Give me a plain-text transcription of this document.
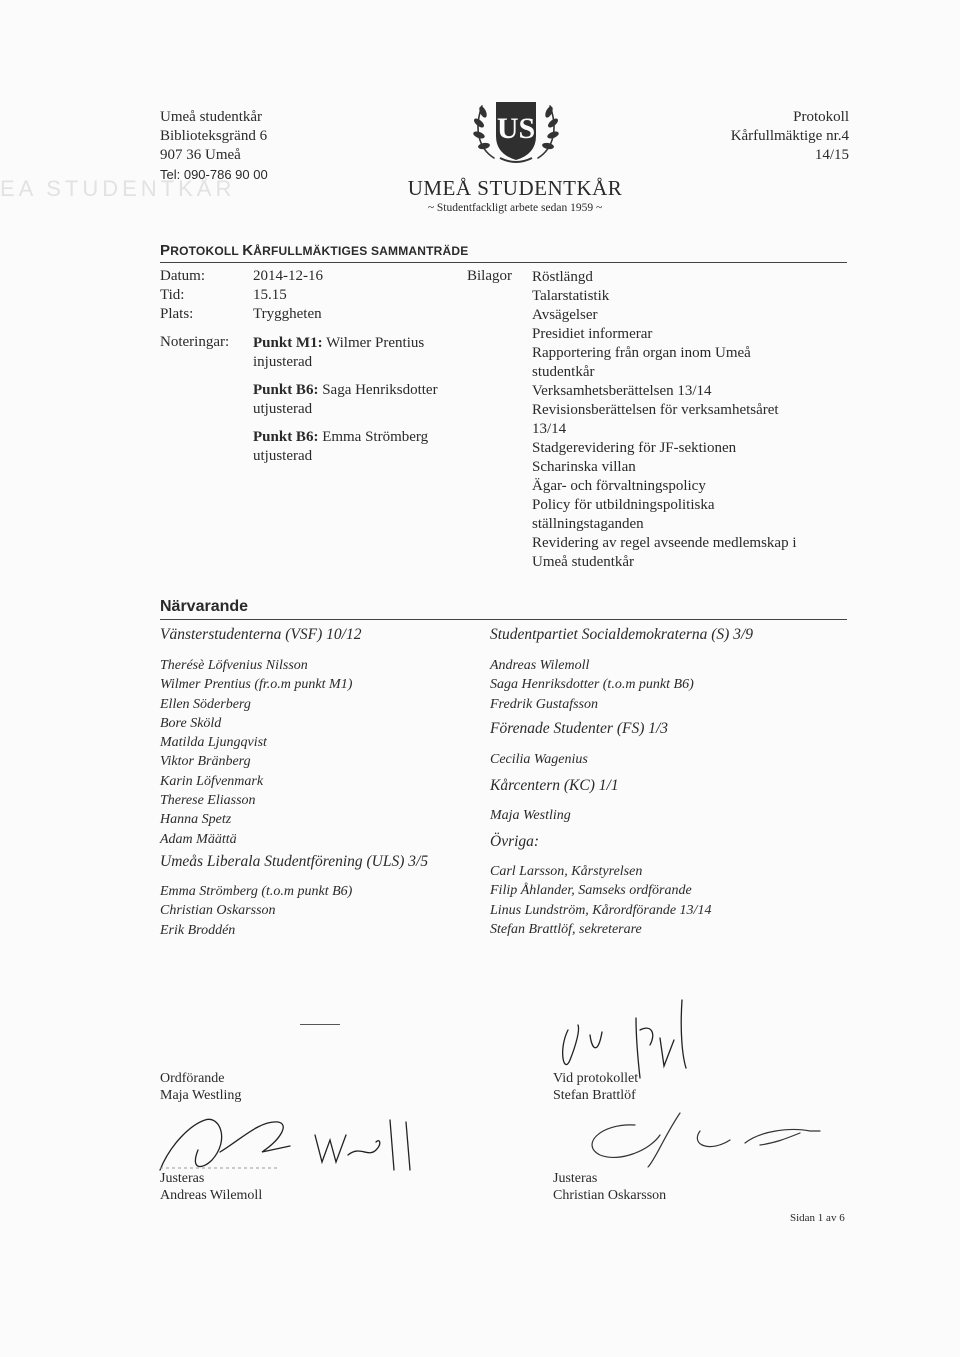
EA STUDENTKÅR
Umeå studentkår
Biblioteksgränd 6
907 36 Umeå
Tel: 090-786 90 00
US
UMEÅ STUDENTKÅR
~ Studentfackligt arbete sedan 1959 ~
Protokoll
Kårfullmäktige nr.4
14/15
PROTOKOLL KÅRFULLMÄKTIGES SAMMANTRÄDE
Datum:	2014-12-16
Tid:	15.15
Plats:	Tryggheten
Noteringar: Punkt M1: Wilmer Prentius
injusterad
Punkt B6: Saga Henriksdotter
utjusterad
Punkt B6: Emma Strömberg
utjusterad
Bilagor Röstlängd
Talarstatistik
Avsägelser
Presidiet informerar
Rapportering från organ inom Umeå studentkår
Verksamhetsberättelsen 13/14
Revisionsberättelsen för verksamhetsåret 13/14
Stadgerevidering för JF-sektionen
Scharinska villan
Ägar- och förvaltningspolicy
Policy för utbildningspolitiska ställningstaganden
Revidering av regel avseende medlemskap i Umeå studentkår
Närvarande
Vänsterstudenterna (VSF) 10/12
Therésè Löfvenius Nilsson
Wilmer Prentius (fr.o.m punkt M1)
Ellen Söderberg
Bore Sköld
Matilda Ljungqvist
Viktor Bränberg
Karin Löfvenmark
Therese Eliasson
Hanna Spetz
Adam Määttä
Umeås Liberala Studentförening (ULS) 3/5
Emma Strömberg (t.o.m punkt B6)
Christian Oskarsson
Erik Broddén
Studentpartiet Socialdemokraterna (S) 3/9
Andreas Wilemoll
Saga Henriksdotter (t.o.m punkt B6)
Fredrik Gustafsson
Förenade Studenter (FS) 1/3
Cecilia Wagenius
Kårcentern (KC) 1/1
Maja Westling
Övriga:
Carl Larsson, Kårstyrelsen
Filip Åhlander, Samseks ordförande
Linus Lundström, Kårordförande 13/14
Stefan Brattlöf, sekreterare
Ordförande
Maja Westling
Vid protokollet
Stefan Brattlöf
Justeras
Andreas Wilemoll
Justeras
Christian Oskarsson
Sidan 1 av 6
